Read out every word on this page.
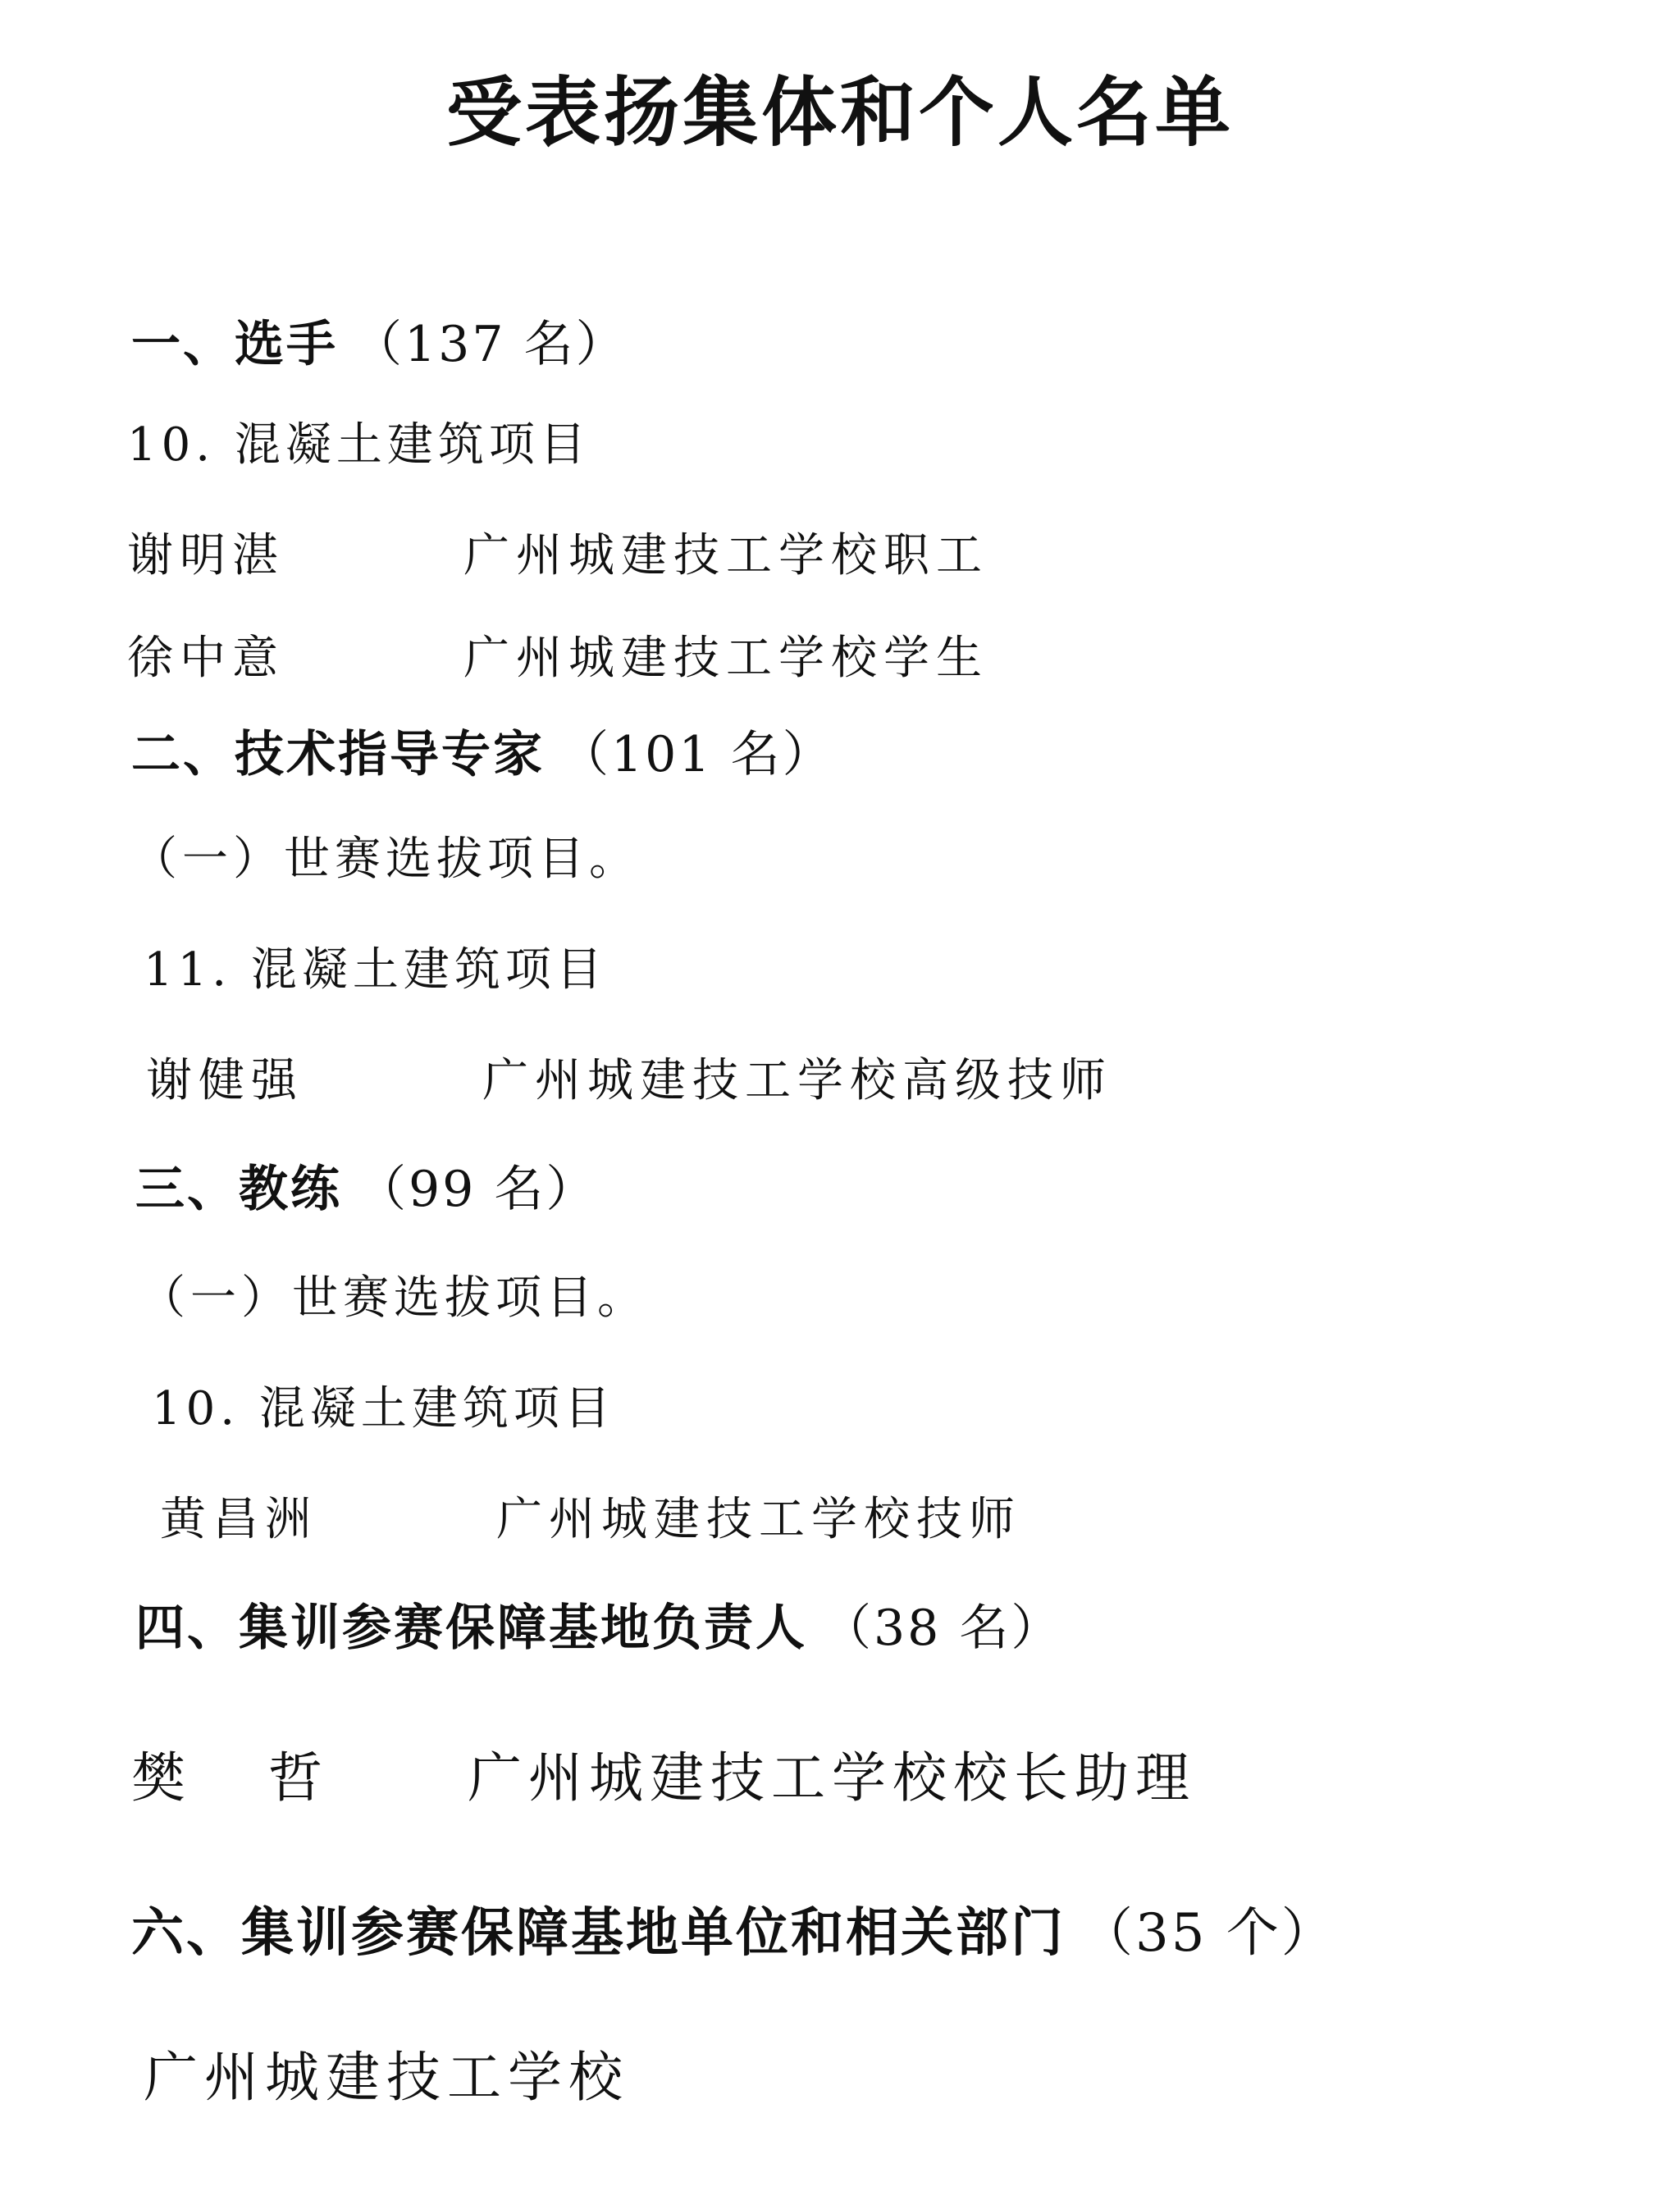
受表扬集体和个人名单
一、选手 （137 名）
10. 混凝土建筑项目
谢明湛	广州城建技工学校职工
徐中意	广州城建技工学校学生
二、技术指导专家 （101 名）
（一）世赛选拔项目。
11. 混凝土建筑项目
谢健强	广州城建技工学校高级技师
三、教练 （99 名）
（一）世赛选拔项目。
10. 混凝土建筑项目
黄昌洲	广州城建技工学校技师
四、集训参赛保障基地负责人 （38 名）
樊 哲 广州城建技工学校校长助理
六、集训参赛保障基地单位和相关部门 （35 个）
广州城建技工学校
